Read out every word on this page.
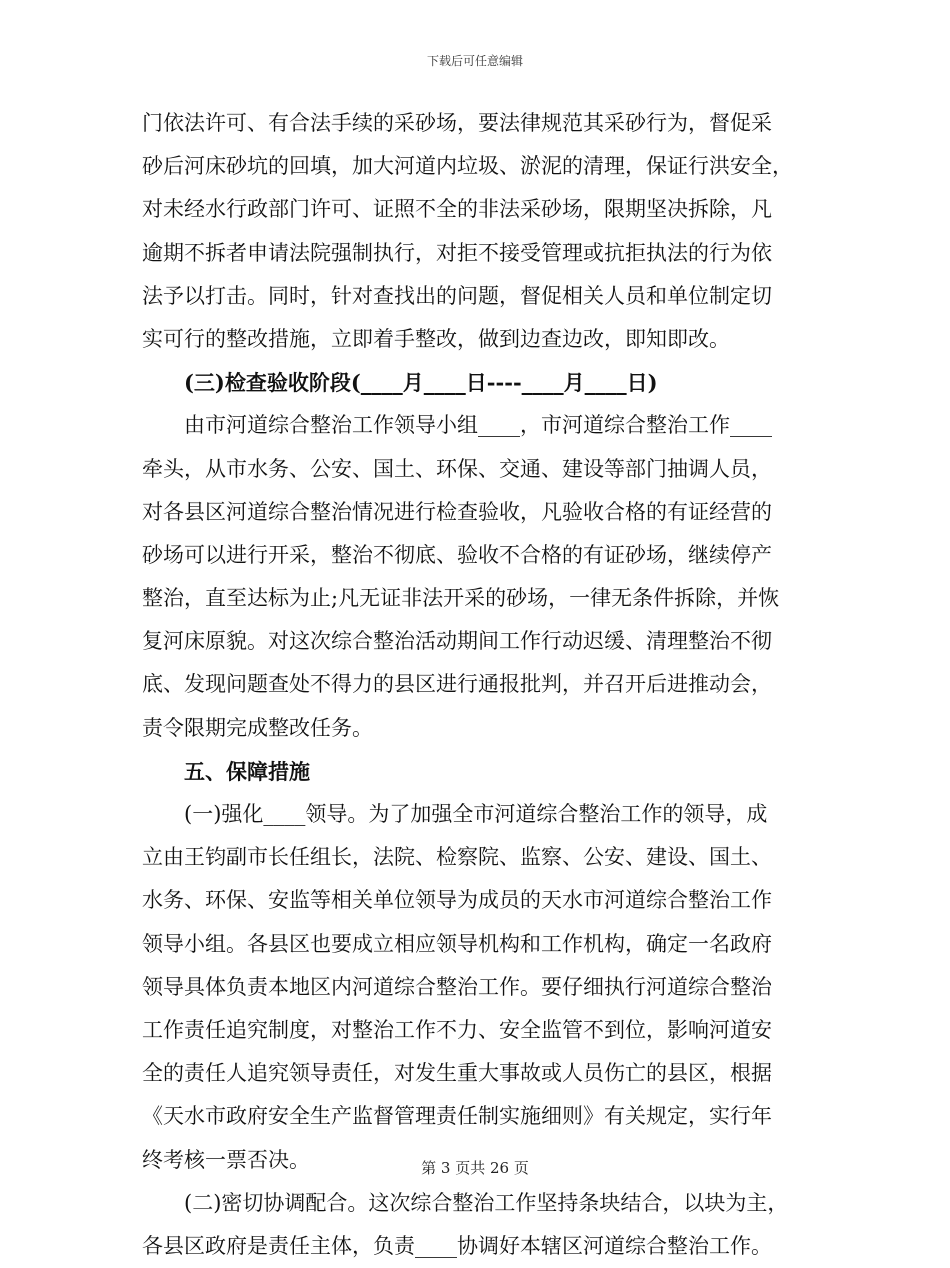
下载后可任意编辑
门依法许可、有合法手续的采砂场，要法律规范其采砂行为，督促采
砂后河床砂坑的回填，加大河道内垃圾、淤泥的清理，保证行洪安全，
对未经水行政部门许可、证照不全的非法采砂场，限期坚决拆除，凡
逾期不拆者申请法院强制执行，对拒不接受管理或抗拒执法的行为依
法予以打击。同时，针对查找出的问题，督促相关人员和单位制定切
实可行的整改措施，立即着手整改，做到边查边改，即知即改。
(三)检查验收阶段(____月____日----____月____日)
由市河道综合整治工作领导小组____，市河道综合整治工作____
牵头，从市水务、公安、国土、环保、交通、建设等部门抽调人员，
对各县区河道综合整治情况进行检查验收，凡验收合格的有证经营的
砂场可以进行开采，整治不彻底、验收不合格的有证砂场，继续停产
整治，直至达标为止;凡无证非法开采的砂场，一律无条件拆除，并恢
复河床原貌。对这次综合整治活动期间工作行动迟缓、清理整治不彻
底、发现问题查处不得力的县区进行通报批判，并召开后进推动会，
责令限期完成整改任务。
五、保障措施
(一)强化____领导。为了加强全市河道综合整治工作的领导，成
立由王钧副市长任组长，法院、检察院、监察、公安、建设、国土、
水务、环保、安监等相关单位领导为成员的天水市河道综合整治工作
领导小组。各县区也要成立相应领导机构和工作机构，确定一名政府
领导具体负责本地区内河道综合整治工作。要仔细执行河道综合整治
工作责任追究制度，对整治工作不力、安全监管不到位，影响河道安
全的责任人追究领导责任，对发生重大事故或人员伤亡的县区，根据
《天水市政府安全生产监督管理责任制实施细则》有关规定，实行年
终考核一票否决。
(二)密切协调配合。这次综合整治工作坚持条块结合，以块为主，
各县区政府是责任主体，负责____协调好本辖区河道综合整治工作。
第 3 页共 26 页
